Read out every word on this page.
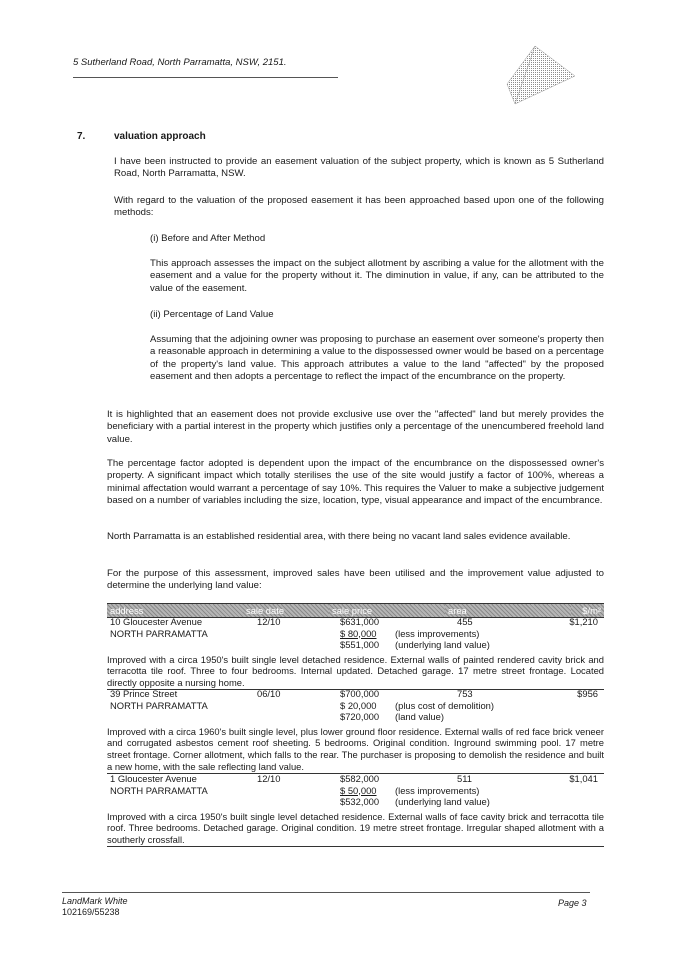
5 Sutherland Road, North Parramatta, NSW, 2151.
7.	valuation approach

I have been instructed to provide an easement valuation of the subject property, which is known as 5 Sutherland Road, North Parramatta, NSW.

With regard to the valuation of the proposed easement it has been approached based upon one of the following methods:

(i) Before and After Method

This approach assesses the impact on the subject allotment by ascribing a value for the allotment with the easement and a value for the property without it. The diminution in value, if any, can be attributed to the value of the easement.

(ii) Percentage of Land Value

Assuming that the adjoining owner was proposing to purchase an easement over someone's property then a reasonable approach in determining a value to the dispossessed owner would be based on a percentage of the property's land value. This approach attributes a value to the land "affected" by the proposed easement and then adopts a percentage to reflect the impact of the encumbrance on the property.

It is highlighted that an easement does not provide exclusive use over the "affected" land but merely provides the beneficiary with a partial interest in the property which justifies only a percentage of the unencumbered freehold land value.

The percentage factor adopted is dependent upon the impact of the encumbrance on the dispossessed owner's property. A significant impact which totally sterilises the use of the site would justify a factor of 100%, whereas a minimal affectation would warrant a percentage of say 10%. This requires the Valuer to make a subjective judgement based on a number of variables including the size, location, type, visual appearance and impact of the encumbrance.

North Parramatta is an established residential area, with there being no vacant land sales evidence available.

For the purpose of this assessment, improved sales have been utilised and the improvement value adjusted to determine the underlying land value:

address	sale date	sale price	area	$/m²
10 Gloucester Avenue	12/10	$631,000	455	$1,210
NORTH PARRAMATTA	$ 80,000 (less improvements)
$551,000 (underlying land value)
Improved with a circa 1950's built single level detached residence. External walls of painted rendered cavity brick and terracotta tile roof. Three to four bedrooms. Internal updated. Detached garage. 17 metre street frontage. Located directly opposite a nursing home.
39 Prince Street	06/10	$700,000	753	$956
NORTH PARRAMATTA	$ 20,000 (plus cost of demolition)
$720,000 (land value)
Improved with a circa 1960's built single level, plus lower ground floor residence. External walls of red face brick veneer and corrugated asbestos cement roof sheeting. 5 bedrooms. Original condition. Inground swimming pool. 17 metre street frontage. Corner allotment, which falls to the rear. The purchaser is proposing to demolish the residence and built a new home, with the sale reflecting land value.
1 Gloucester Avenue	12/10	$582,000	511	$1,041
NORTH PARRAMATTA	$ 50,000 (less improvements)
$532,000 (underlying land value)
Improved with a circa 1950's built single level detached residence. External walls of face cavity brick and terracotta tile roof. Three bedrooms. Detached garage. Original condition. 19 metre street frontage. Irregular shaped allotment with a southerly crossfall.
LandMark White
102169/55238
Page 3
